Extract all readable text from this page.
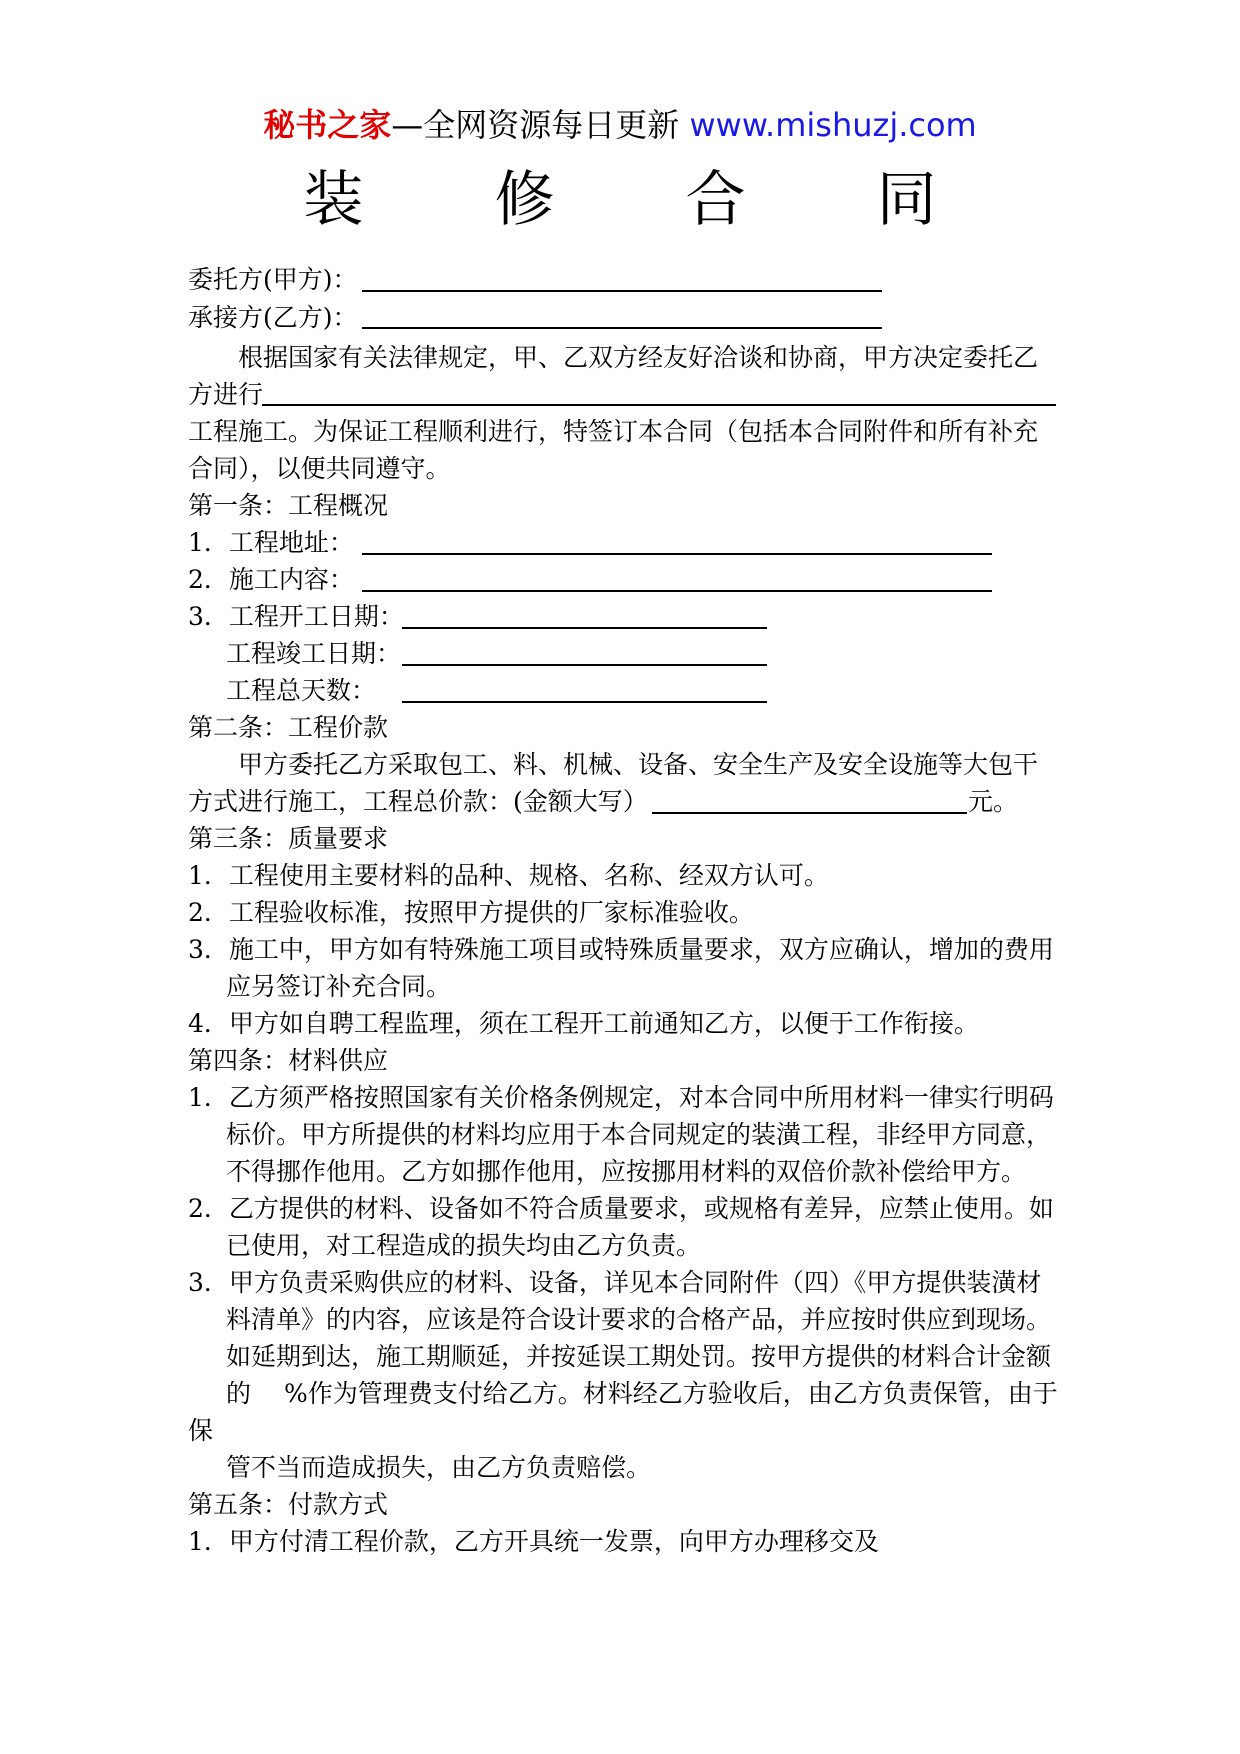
秘书之家—全网资源每日更新 www.mishuzj.com
装 修 合 同
委托方(甲方)：
承接方(乙方)：
根据国家有关法律规定，甲、乙双方经友好洽谈和协商，甲方决定委托乙
方进行
工程施工。为保证工程顺利进行，特签订本合同（包括本合同附件和所有补充
合同），以便共同遵守。
第一条：工程概况
1．工程地址：
2．施工内容：
3．工程开工日期：
工程竣工日期：
工程总天数：
第二条：工程价款
甲方委托乙方采取包工、料、机械、设备、安全生产及安全设施等大包干
方式进行施工，工程总价款：(金额大写）	元。
第三条：质量要求
1．工程使用主要材料的品种、规格、名称、经双方认可。
2．工程验收标准，按照甲方提供的厂家标准验收。
3．施工中，甲方如有特殊施工项目或特殊质量要求，双方应确认，增加的费用
应另签订补充合同。
4．甲方如自聘工程监理，须在工程开工前通知乙方，以便于工作衔接。
第四条：材料供应
1．乙方须严格按照国家有关价格条例规定，对本合同中所用材料一律实行明码
标价。甲方所提供的材料均应用于本合同规定的装潢工程，非经甲方同意，
不得挪作他用。乙方如挪作他用，应按挪用材料的双倍价款补偿给甲方。
2．乙方提供的材料、设备如不符合质量要求，或规格有差异，应禁止使用。如
已使用，对工程造成的损失均由乙方负责。
3．甲方负责采购供应的材料、设备，详见本合同附件（四）《甲方提供装潢材
料清单》的内容，应该是符合设计要求的合格产品，并应按时供应到现场。
如延期到达，施工期顺延，并按延误工期处罚。按甲方提供的材料合计金额
的　 %作为管理费支付给乙方。材料经乙方验收后，由乙方负责保管，由于
保
管不当而造成损失，由乙方负责赔偿。
第五条：付款方式
1．甲方付清工程价款，乙方开具统一发票，向甲方办理移交及
